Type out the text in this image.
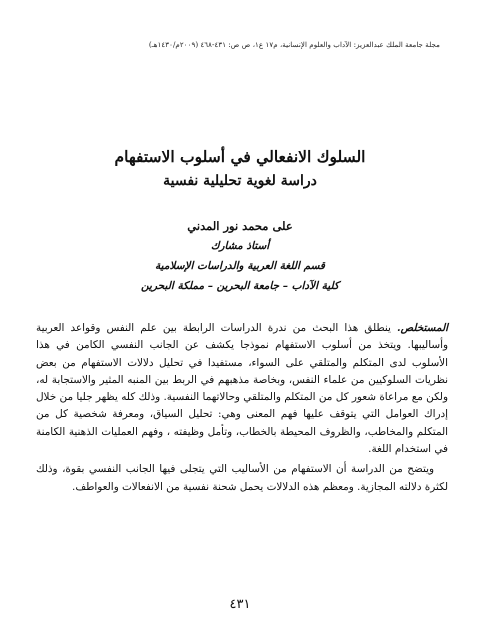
مجلة جامعة الملك عبدالعزيز: الآداب والعلوم الإنسانية، م١٧ ع١، ص ص: ٤٣١-٤٦٨ (٢٠٠٩م/١٤٣٠هـ)
السلوك الانفعالي في أسلوب الاستفهام
دراسة لغوية تحليلية نفسية
على محمد نور المدني
أستاذ مشارك
قسم اللغة العربية والدراسات الإسلامية
كلية الآداب – جامعة البحرين – مملكة البحرين

المستخلص. ينطلق هذا البحث من ندرة الدراسات الرابطة بين علم النفس وقواعد العربية وأساليبها. ويتخذ من أسلوب الاستفهام نموذجا يكشف عن الجانب النفسي الكامن في هذا الأسلوب لدى المتكلم والمتلقي على السواء، مستفيدا في تحليل دلالات الاستفهام من بعض نظريات السلوكيين من علماء النفس، وبخاصة مذهبهم في الربط بين المنبه المثير والاستجابة له، ولكن مع مراعاة شعور كل من المتكلم والمتلقي وحالاتهما النفسية. وذلك كله يظهر جليا من خلال إدراك العوامل التي يتوقف عليها فهم المعنى وهي: تحليل السياق، ومعرفة شخصية كل من المتكلم والمخاطب، والظروف المحيطة بالخطاب، وتأمل وظيفته ، وفهم العمليات الذهنية الكامنة في استخدام اللغة.

ويتضح من الدراسة أن الاستفهام من الأساليب التي يتجلى فيها الجانب النفسي بقوة، وذلك لكثرة دلالته المجازية. ومعظم هذه الدلالات يحمل شحنة نفسية من الانفعالات والعواطف.

٤٣١
